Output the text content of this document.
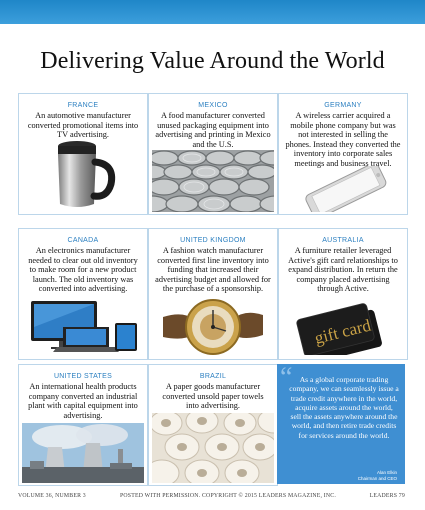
Delivering Value Around the World
FRANCE
An automotive manufacturer converted promotional items into TV advertising.
MEXICO
A food manufacturer converted unused packaging equipment into advertising and printing in Mexico and the U.S.
GERMANY
A wireless carrier acquired a mobile phone company but was not interested in selling the phones. Instead they converted the inventory into corporate sales meetings and business travel.
CANADA
An electronics manufacturer needed to clear out old inventory to make room for a new product launch. The old inventory was converted into advertising.
UNITED KINGDOM
A fashion watch manufacturer converted first line inventory into funding that increased their advertising budget and allowed for the purchase of a sponsorship.
AUSTRALIA
A furniture retailer leveraged Active's gift card relationships to expand distribution. In return the company placed advertising through Active.
gift card
UNITED STATES
An international health products company converted an industrial plant with capital equipment into advertising.
BRAZIL
A paper goods manufacturer converted unsold paper towels into advertising.
“ As a global corporate trading company, we can seamlessly issue a trade credit anywhere in the world, acquire assets around the world, sell the assets anywhere around the world, and then retire trade credits for services around the world.
Alan Elkin
Chairman and CEO
VOLUME 36, NUMBER 3	POSTED WITH PERMISSION. COPYRIGHT © 2015 LEADERS MAGAZINE, INC.	LEADERS 79
